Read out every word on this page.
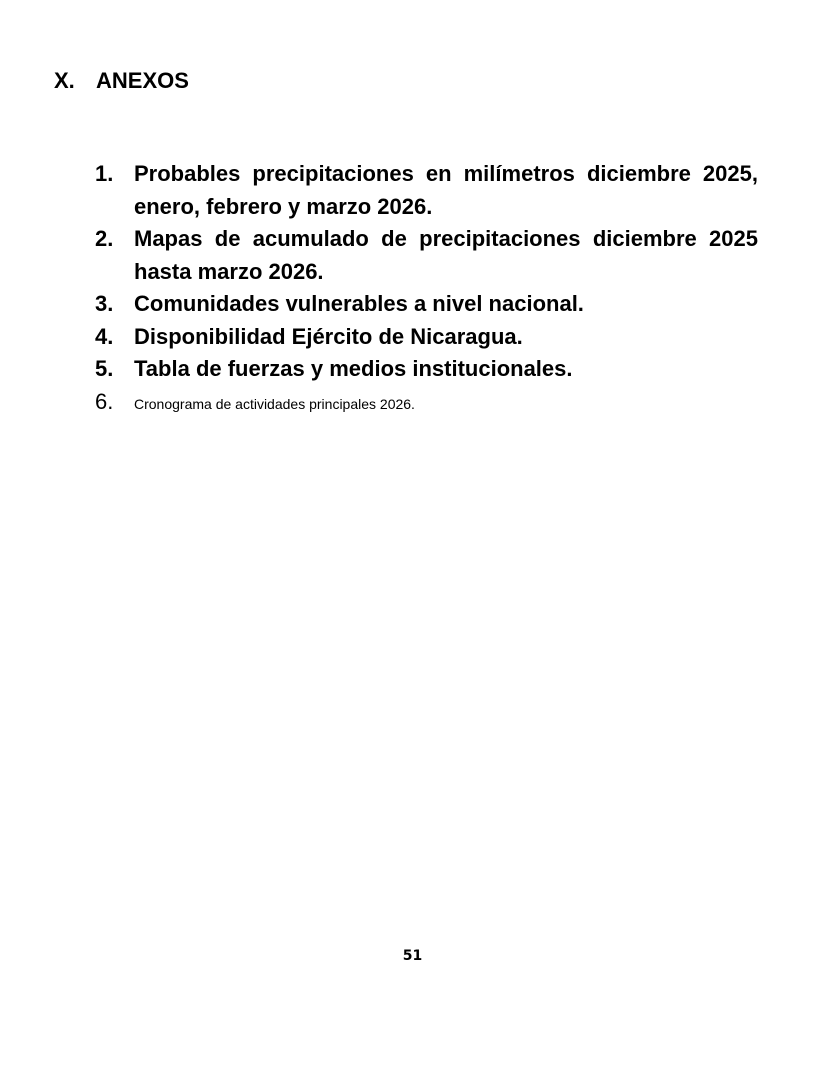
X. ANEXOS
1. Probables precipitaciones en milímetros diciembre 2025, enero, febrero y marzo 2026.
2. Mapas de acumulado de precipitaciones diciembre 2025 hasta marzo 2026.
3. Comunidades vulnerables a nivel nacional.
4. Disponibilidad Ejército de Nicaragua.
5. Tabla de fuerzas y medios institucionales.
6. Cronograma de actividades principales 2026.
51
